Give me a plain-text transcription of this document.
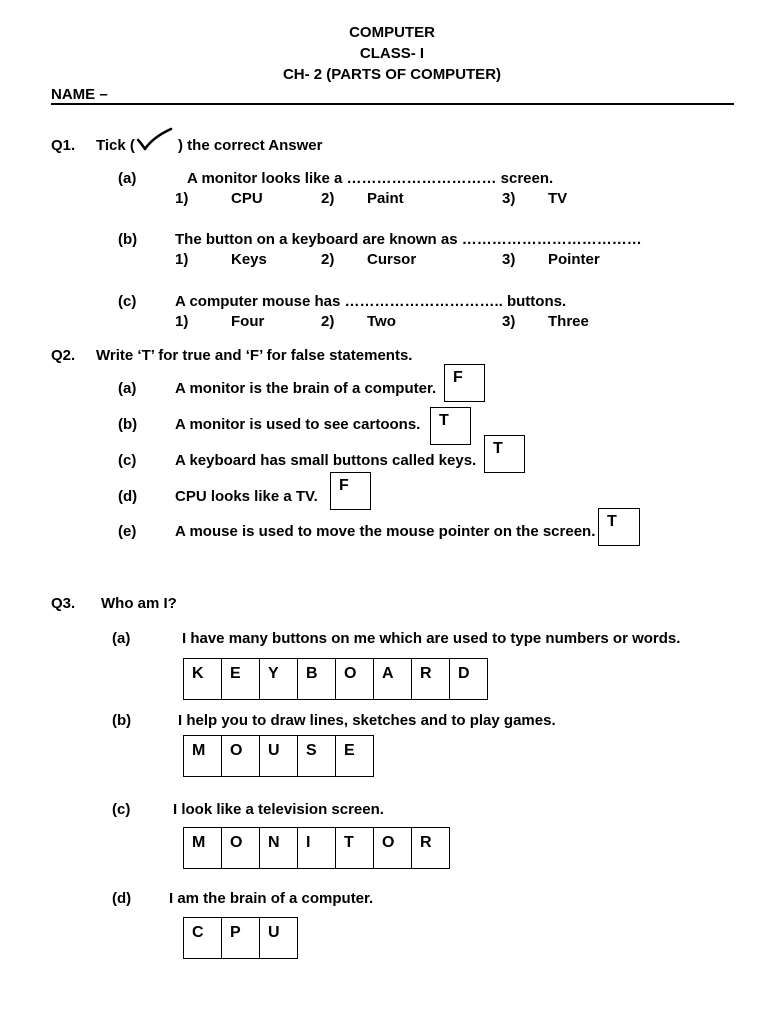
COMPUTER
CLASS- I
CH- 2 (PARTS OF COMPUTER)
NAME –
Q1. Tick (	) the correct Answer
(a)	A monitor looks like a ………………………… screen.
1)	CPU	2) Paint	3) TV
(b)	The button on a keyboard are known as ………………………………
1)	Keys	2) Cursor	3) Pointer
(c)	A computer mouse has ………………………….. buttons.
1)	Four	2) Two	3) Three
Q2. Write ‘T’ for true and ‘F’ for false statements.
(a)	A monitor is the brain of a computer.
F
(b)	A monitor is used to see cartoons. T
(c)	A keyboard has small buttons called keys.
T
(d)	CPU looks like a TV.
F
(e)	A mouse is used to move the mouse pointer on the screen.
T
Q3. Who am I?
(a)	I have many buttons on me which are used to type numbers or words.
K E Y B O A R D
(b)	I help you to draw lines, sketches and to play games.
M O U S E
(c)	I look like a television screen.
M O N I T O R
(d)	I am the brain of a computer.
C P U
